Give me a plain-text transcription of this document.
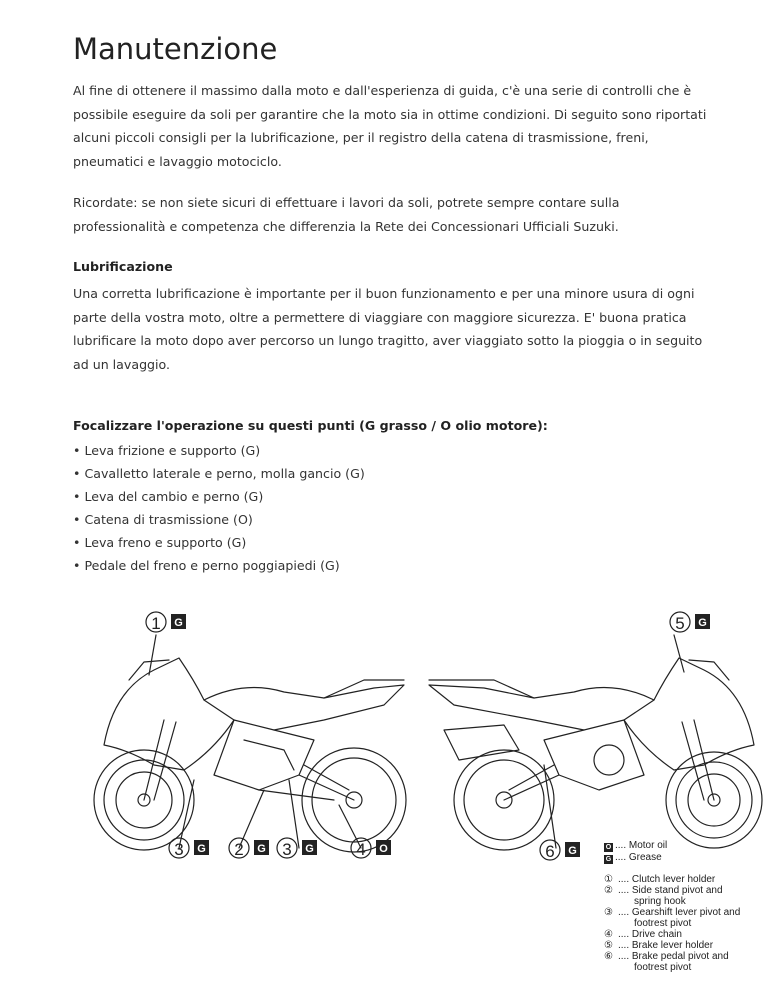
Manutenzione

Al fine di ottenere il massimo dalla moto e dall'esperienza di guida, c'è una serie di controlli che è possibile eseguire da soli per garantire che la moto sia in ottime condizioni. Di seguito sono riportati alcuni piccoli consigli per la lubrificazione, per il registro della catena di trasmissione, freni, pneumatici e lavaggio motociclo.

Ricordate: se non siete sicuri di effettuare i lavori da soli, potrete sempre contare sulla professionalità e competenza che differenzia la Rete dei Concessionari Ufficiali Suzuki.

Lubrificazione

Una corretta lubrificazione è importante per il buon funzionamento e per una minore usura di ogni parte della vostra moto, oltre a permettere di viaggiare con maggiore sicurezza. E' buona pratica lubrificare la moto dopo aver percorso un lungo tragitto, aver viaggiato sotto la pioggia o in seguito ad un lavaggio.

Focalizzare l'operazione su questi punti (G grasso / O olio motore):

• Leva frizione e supporto (G)
• Cavalletto laterale e perno, molla gancio (G)
• Leva del cambio e perno (G)
• Catena di trasmissione (O)
• Leva freno e supporto (G)
• Pedale del freno e perno poggiapiedi (G)
1 G	5 G
3 G 2 G 3 G 4 O	6 G	O .... Motor oil
G .... Grease
① .... Clutch lever holder
② .... Side stand pivot and
spring hook
③ .... Gearshift lever pivot and
footrest pivot
④ .... Drive chain
⑤ .... Brake lever holder
⑥ .... Brake pedal pivot and
footrest pivot
